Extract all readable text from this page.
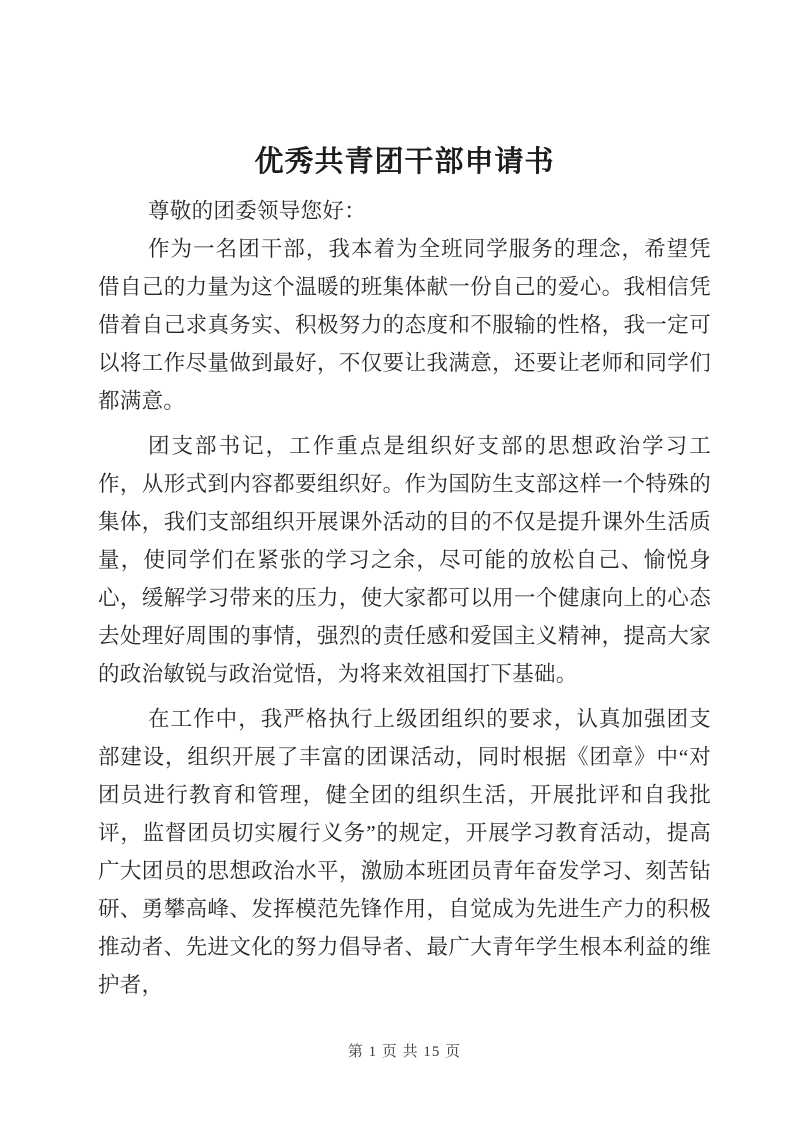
优秀共青团干部申请书

尊敬的团委领导您好：

作为一名团干部，我本着为全班同学服务的理念，希望凭借自己的力量为这个温暖的班集体献一份自己的爱心。我相信凭借着自己求真务实、积极努力的态度和不服输的性格，我一定可以将工作尽量做到最好，不仅要让我满意，还要让老师和同学们都满意。

团支部书记，工作重点是组织好支部的思想政治学习工作，从形式到内容都要组织好。作为国防生支部这样一个特殊的集体，我们支部组织开展课外活动的目的不仅是提升课外生活质量，使同学们在紧张的学习之余，尽可能的放松自己、愉悦身心，缓解学习带来的压力，使大家都可以用一个健康向上的心态去处理好周围的事情，强烈的责任感和爱国主义精神，提高大家的政治敏锐与政治觉悟，为将来效祖国打下基础。

在工作中，我严格执行上级团组织的要求，认真加强团支部建设，组织开展了丰富的团课活动，同时根据《团章》中“对团员进行教育和管理，健全团的组织生活，开展批评和自我批评，监督团员切实履行义务”的规定，开展学习教育活动，提高广大团员的思想政治水平，激励本班团员青年奋发学习、刻苦钻研、勇攀高峰、发挥模范先锋作用，自觉成为先进生产力的积极推动者、先进文化的努力倡导者、最广大青年学生根本利益的维护者，

第 1 页 共 15 页
